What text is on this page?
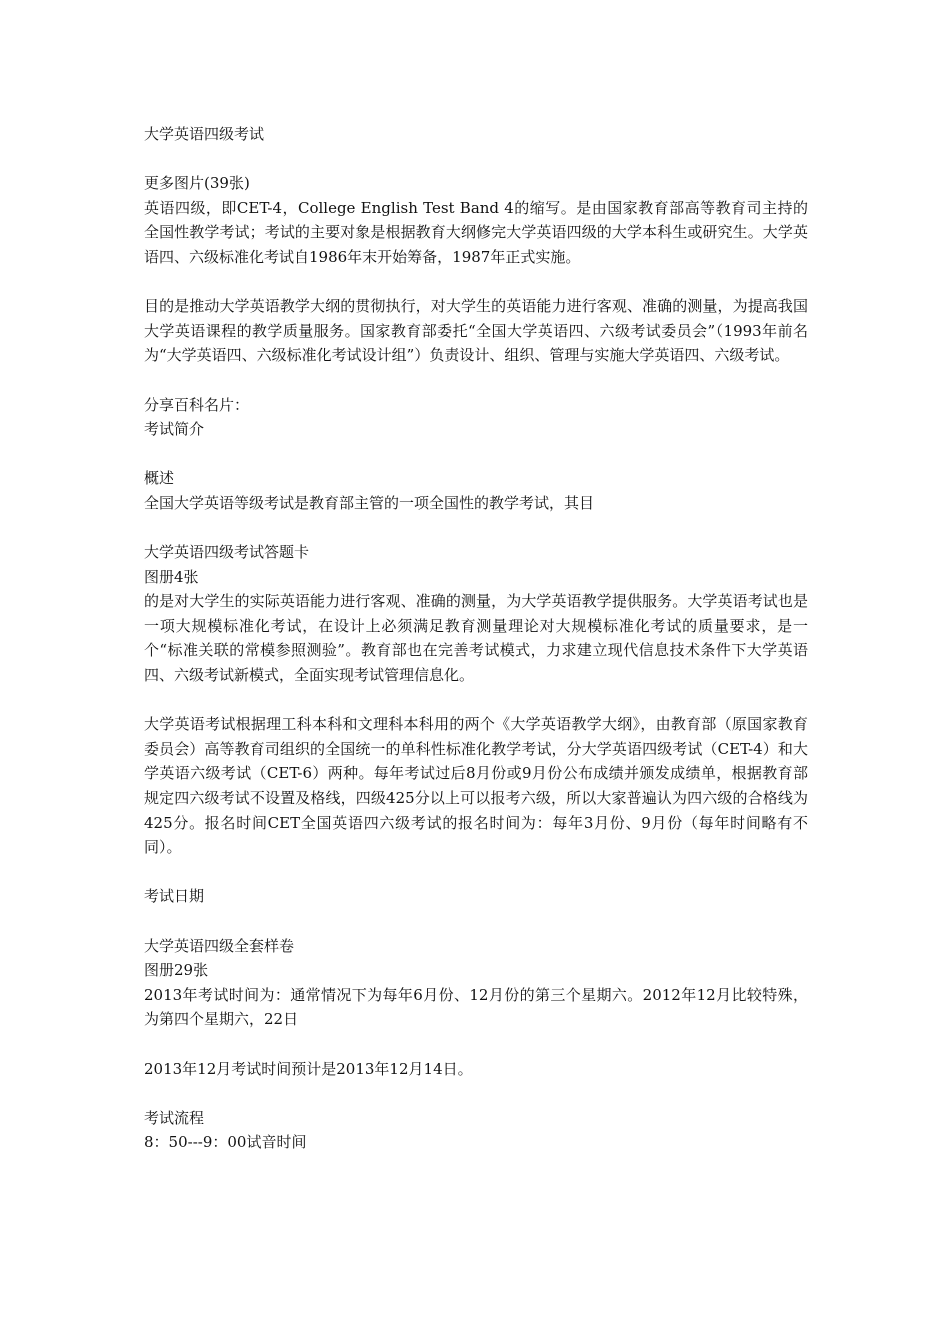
大学英语四级考试

更多图片(39张)

英语四级，即CET-4，College English Test Band 4的缩写。是由国家教育部高等教育司主持的全国性教学考试；考试的主要对象是根据教育大纲修完大学英语四级的大学本科生或研究生。大学英语四、六级标准化考试自1986年末开始筹备，1987年正式实施。

目的是推动大学英语教学大纲的贯彻执行，对大学生的英语能力进行客观、准确的测量，为提高我国大学英语课程的教学质量服务。国家教育部委托“全国大学英语四、六级考试委员会”（1993年前名为“大学英语四、六级标准化考试设计组”）负责设计、组织、管理与实施大学英语四、六级考试。

分享百科名片：

考试简介

概述

全国大学英语等级考试是教育部主管的一项全国性的教学考试，其目

大学英语四级考试答题卡

图册4张

的是对大学生的实际英语能力进行客观、准确的测量，为大学英语教学提供服务。大学英语考试也是一项大规模标准化考试，在设计上必须满足教育测量理论对大规模标准化考试的质量要求，是一个“标准关联的常模参照测验”。教育部也在完善考试模式，力求建立现代信息技术条件下大学英语四、六级考试新模式，全面实现考试管理信息化。

大学英语考试根据理工科本科和文理科本科用的两个《大学英语教学大纲》，由教育部（原国家教育委员会）高等教育司组织的全国统一的单科性标准化教学考试，分大学英语四级考试（CET-4）和大学英语六级考试（CET-6）两种。每年考试过后8月份或9月份公布成绩并颁发成绩单，根据教育部规定四六级考试不设置及格线，四级425分以上可以报考六级，所以大家普遍认为四六级的合格线为425分。报名时间CET全国英语四六级考试的报名时间为：每年3月份、9月份（每年时间略有不同）。

考试日期

大学英语四级全套样卷

图册29张

2013年考试时间为：通常情况下为每年6月份、12月份的第三个星期六。2012年12月比较特殊，为第四个星期六，22日

2013年12月考试时间预计是2013年12月14日。

考试流程

8：50---9：00试音时间
